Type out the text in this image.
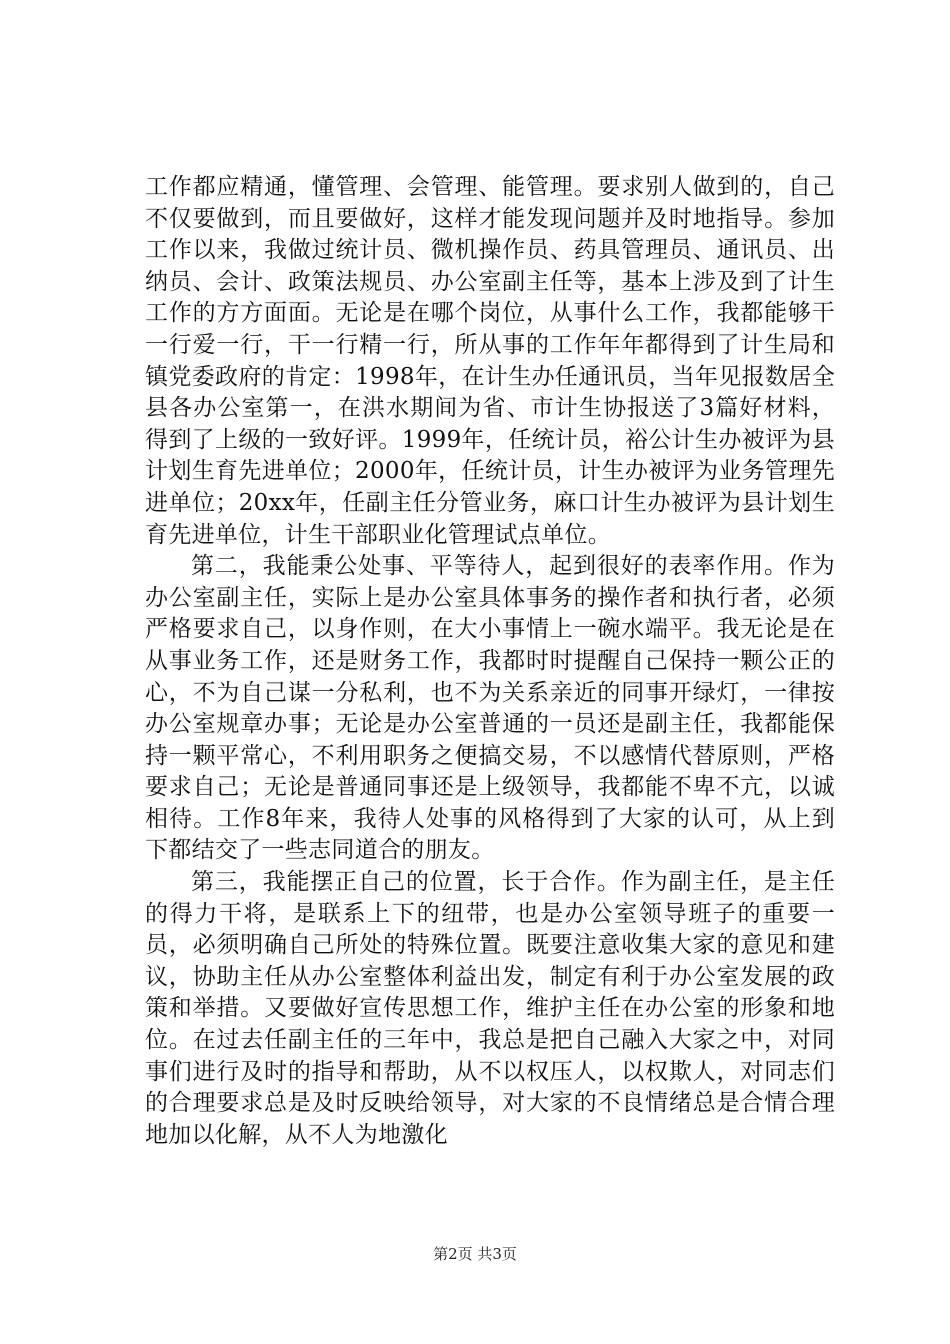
工作都应精通，懂管理、会管理、能管理。要求别人做到的，自己不仅要做到，而且要做好，这样才能发现问题并及时地指导。参加工作以来，我做过统计员、微机操作员、药具管理员、通讯员、出纳员、会计、政策法规员、办公室副主任等，基本上涉及到了计生工作的方方面面。无论是在哪个岗位，从事什么工作，我都能够干一行爱一行，干一行精一行，所从事的工作年年都得到了计生局和镇党委政府的肯定：1998年，在计生办任通讯员，当年见报数居全县各办公室第一，在洪水期间为省、市计生协报送了3篇好材料，得到了上级的一致好评。1999年，任统计员，裕公计生办被评为县计划生育先进单位；2000年，任统计员，计生办被评为业务管理先进单位；20xx年，任副主任分管业务，麻口计生办被评为县计划生育先进单位，计生干部职业化管理试点单位。

第二，我能秉公处事、平等待人，起到很好的表率作用。作为办公室副主任，实际上是办公室具体事务的操作者和执行者，必须严格要求自己，以身作则，在大小事情上一碗水端平。我无论是在从事业务工作，还是财务工作，我都时时提醒自己保持一颗公正的心，不为自己谋一分私利，也不为关系亲近的同事开绿灯，一律按办公室规章办事；无论是办公室普通的一员还是副主任，我都能保持一颗平常心，不利用职务之便搞交易，不以感情代替原则，严格要求自己；无论是普通同事还是上级领导，我都能不卑不亢，以诚相待。工作8年来，我待人处事的风格得到了大家的认可，从上到下都结交了一些志同道合的朋友。

第三，我能摆正自己的位置，长于合作。作为副主任，是主任的得力干将，是联系上下的纽带，也是办公室领导班子的重要一员，必须明确自己所处的特殊位置。既要注意收集大家的意见和建议，协助主任从办公室整体利益出发，制定有利于办公室发展的政策和举措。又要做好宣传思想工作，维护主任在办公室的形象和地位。在过去任副主任的三年中，我总是把自己融入大家之中，对同事们进行及时的指导和帮助，从不以权压人，以权欺人，对同志们的合理要求总是及时反映给领导，对大家的不良情绪总是合情合理地加以化解，从不人为地激化

第2页 共3页
